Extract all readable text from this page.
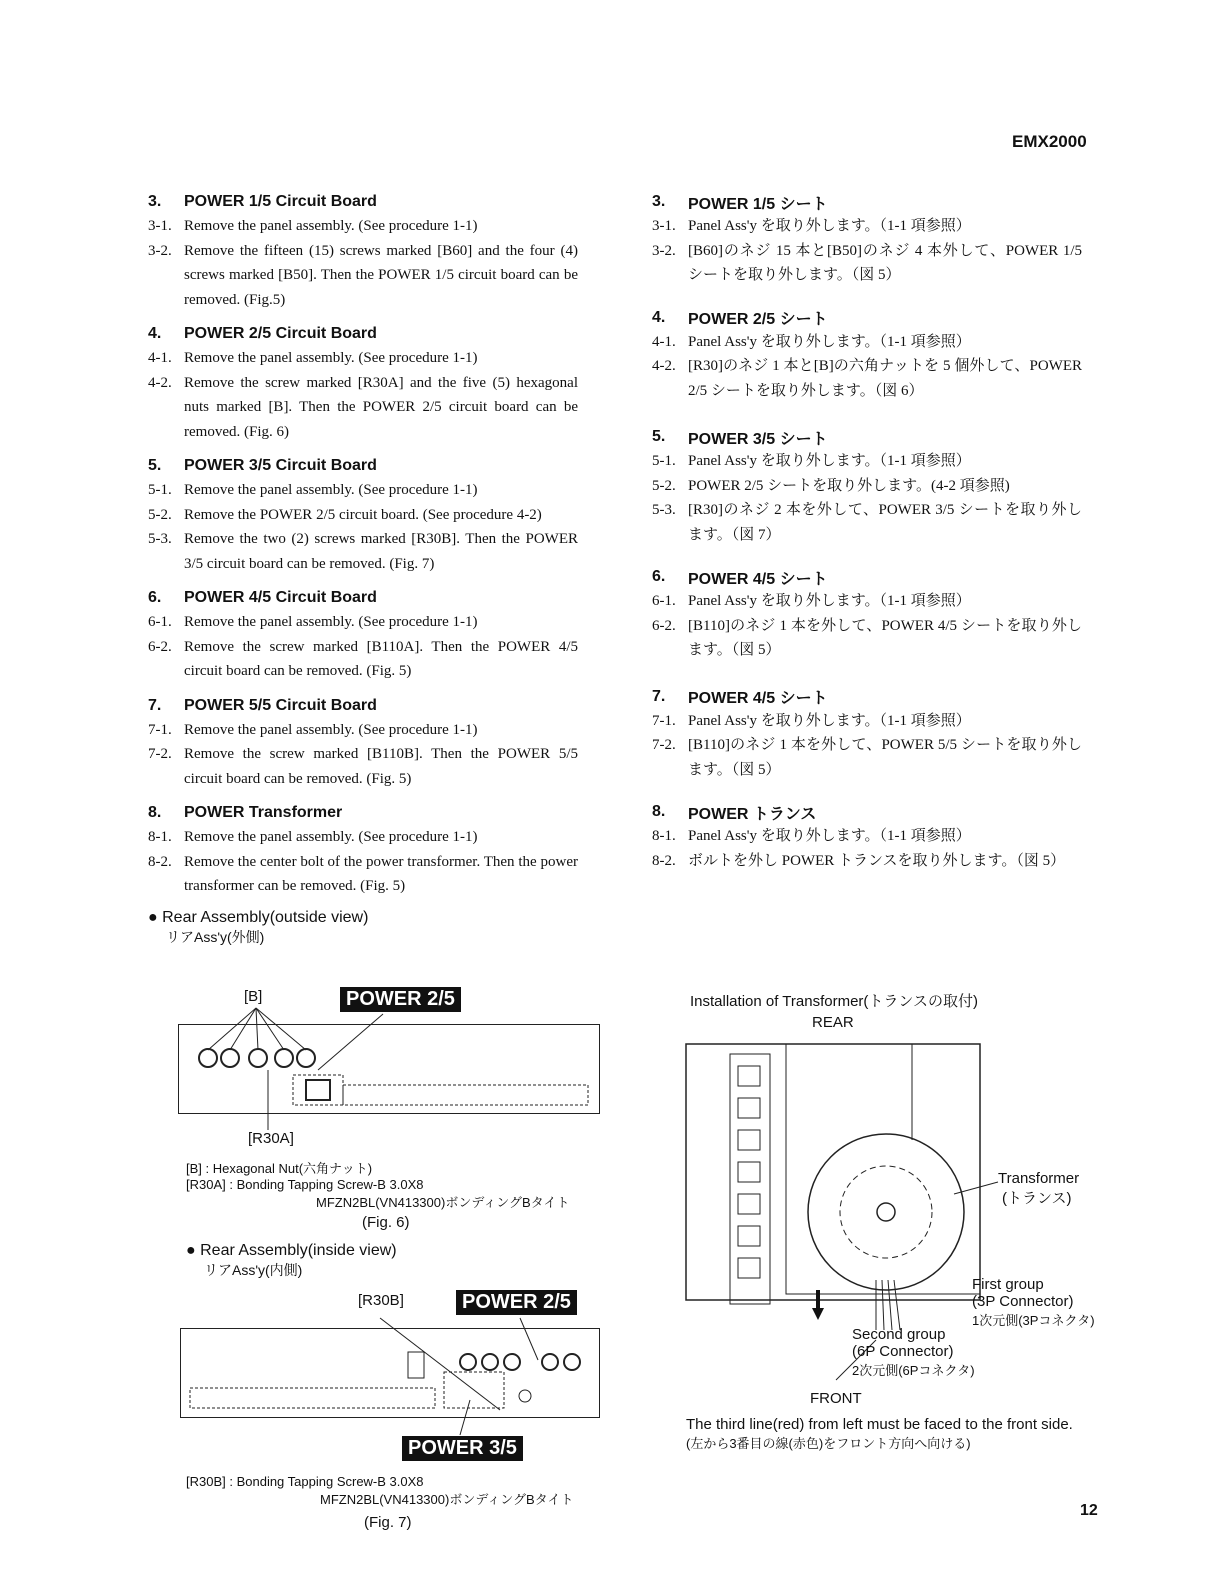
EMX2000
3. POWER 1/5 Circuit Board
3-1. Remove the panel assembly. (See procedure 1-1)
3-2. Remove the fifteen (15) screws marked [B60] and the four (4) screws marked [B50]. Then the POWER 1/5 circuit board can be removed. (Fig.5)
4. POWER 2/5 Circuit Board
4-1. Remove the panel assembly. (See procedure 1-1)
4-2. Remove the screw marked [R30A] and the five (5) hexagonal nuts marked [B]. Then the POWER 2/5 circuit board can be removed. (Fig. 6)
5. POWER 3/5 Circuit Board
5-1. Remove the panel assembly. (See procedure 1-1)
5-2. Remove the POWER 2/5 circuit board. (See procedure 4-2)
5-3. Remove the two (2) screws marked [R30B]. Then the POWER 3/5 circuit board can be removed. (Fig. 7)
6. POWER 4/5 Circuit Board
6-1. Remove the panel assembly. (See procedure 1-1)
6-2. Remove the screw marked [B110A]. Then the POWER 4/5 circuit board can be removed. (Fig. 5)
7. POWER 5/5 Circuit Board
7-1. Remove the panel assembly. (See procedure 1-1)
7-2. Remove the screw marked [B110B]. Then the POWER 5/5 circuit board can be removed. (Fig. 5)
8. POWER Transformer
8-1. Remove the panel assembly. (See procedure 1-1)
8-2. Remove the center bolt of the power transformer. Then the power transformer can be removed. (Fig. 5)
● Rear Assembly(outside view)
リアAss'y(外側)
[B]	POWER 2/5
[R30A]
[B] : Hexagonal Nut(六角ナット)
[R30A] : Bonding Tapping Screw-B 3.0X8
MFZN2BL(VN413300)ボンディングBタイト
(Fig. 6)
● Rear Assembly(inside view)
リアAss'y(内側)
[R30B]	POWER 2/5
POWER 3/5
[R30B] : Bonding Tapping Screw-B 3.0X8
MFZN2BL(VN413300)ボンディングBタイト
(Fig. 7)
3. POWER 1/5 シート
3-1. Panel Ass'y を取り外します。（1-1 項参照）
3-2. [B60]のネジ 15 本と[B50]のネジ 4 本外して、POWER 1/5 シートを取り外します。（図 5）
4. POWER 2/5 シート
4-1. Panel Ass'y を取り外します。（1-1 項参照）
4-2. [R30]のネジ 1 本と[B]の六角ナットを 5 個外して、POWER 2/5 シートを取り外します。（図 6）
5. POWER 3/5 シート
5-1. Panel Ass'y を取り外します。（1-1 項参照）
5-2. POWER 2/5 シートを取り外します。(4-2 項参照)
5-3. [R30]のネジ 2 本を外して、POWER 3/5 シートを取り外します。（図 7）
6. POWER 4/5 シート
6-1. Panel Ass'y を取り外します。（1-1 項参照）
6-2. [B110]のネジ 1 本を外して、POWER 4/5 シートを取り外します。（図 5）
7. POWER 4/5 シート
7-1. Panel Ass'y を取り外します。（1-1 項参照）
7-2. [B110]のネジ 1 本を外して、POWER 5/5 シートを取り外します。（図 5）
8. POWER トランス
8-1. Panel Ass'y を取り外します。（1-1 項参照）
8-2. ボルトを外し POWER トランスを取り外します。（図 5）
Installation of Transformer(トランスの取付)
REAR
Transformer
(トランス)
First group
(3P Connector)
1次元側(3Pコネクタ)
Second group
(6P Connector)
2次元側(6Pコネクタ)
FRONT
The third line(red) from left must be faced to the front side.
(左から3番目の線(赤色)をフロント方向へ向ける)
12
